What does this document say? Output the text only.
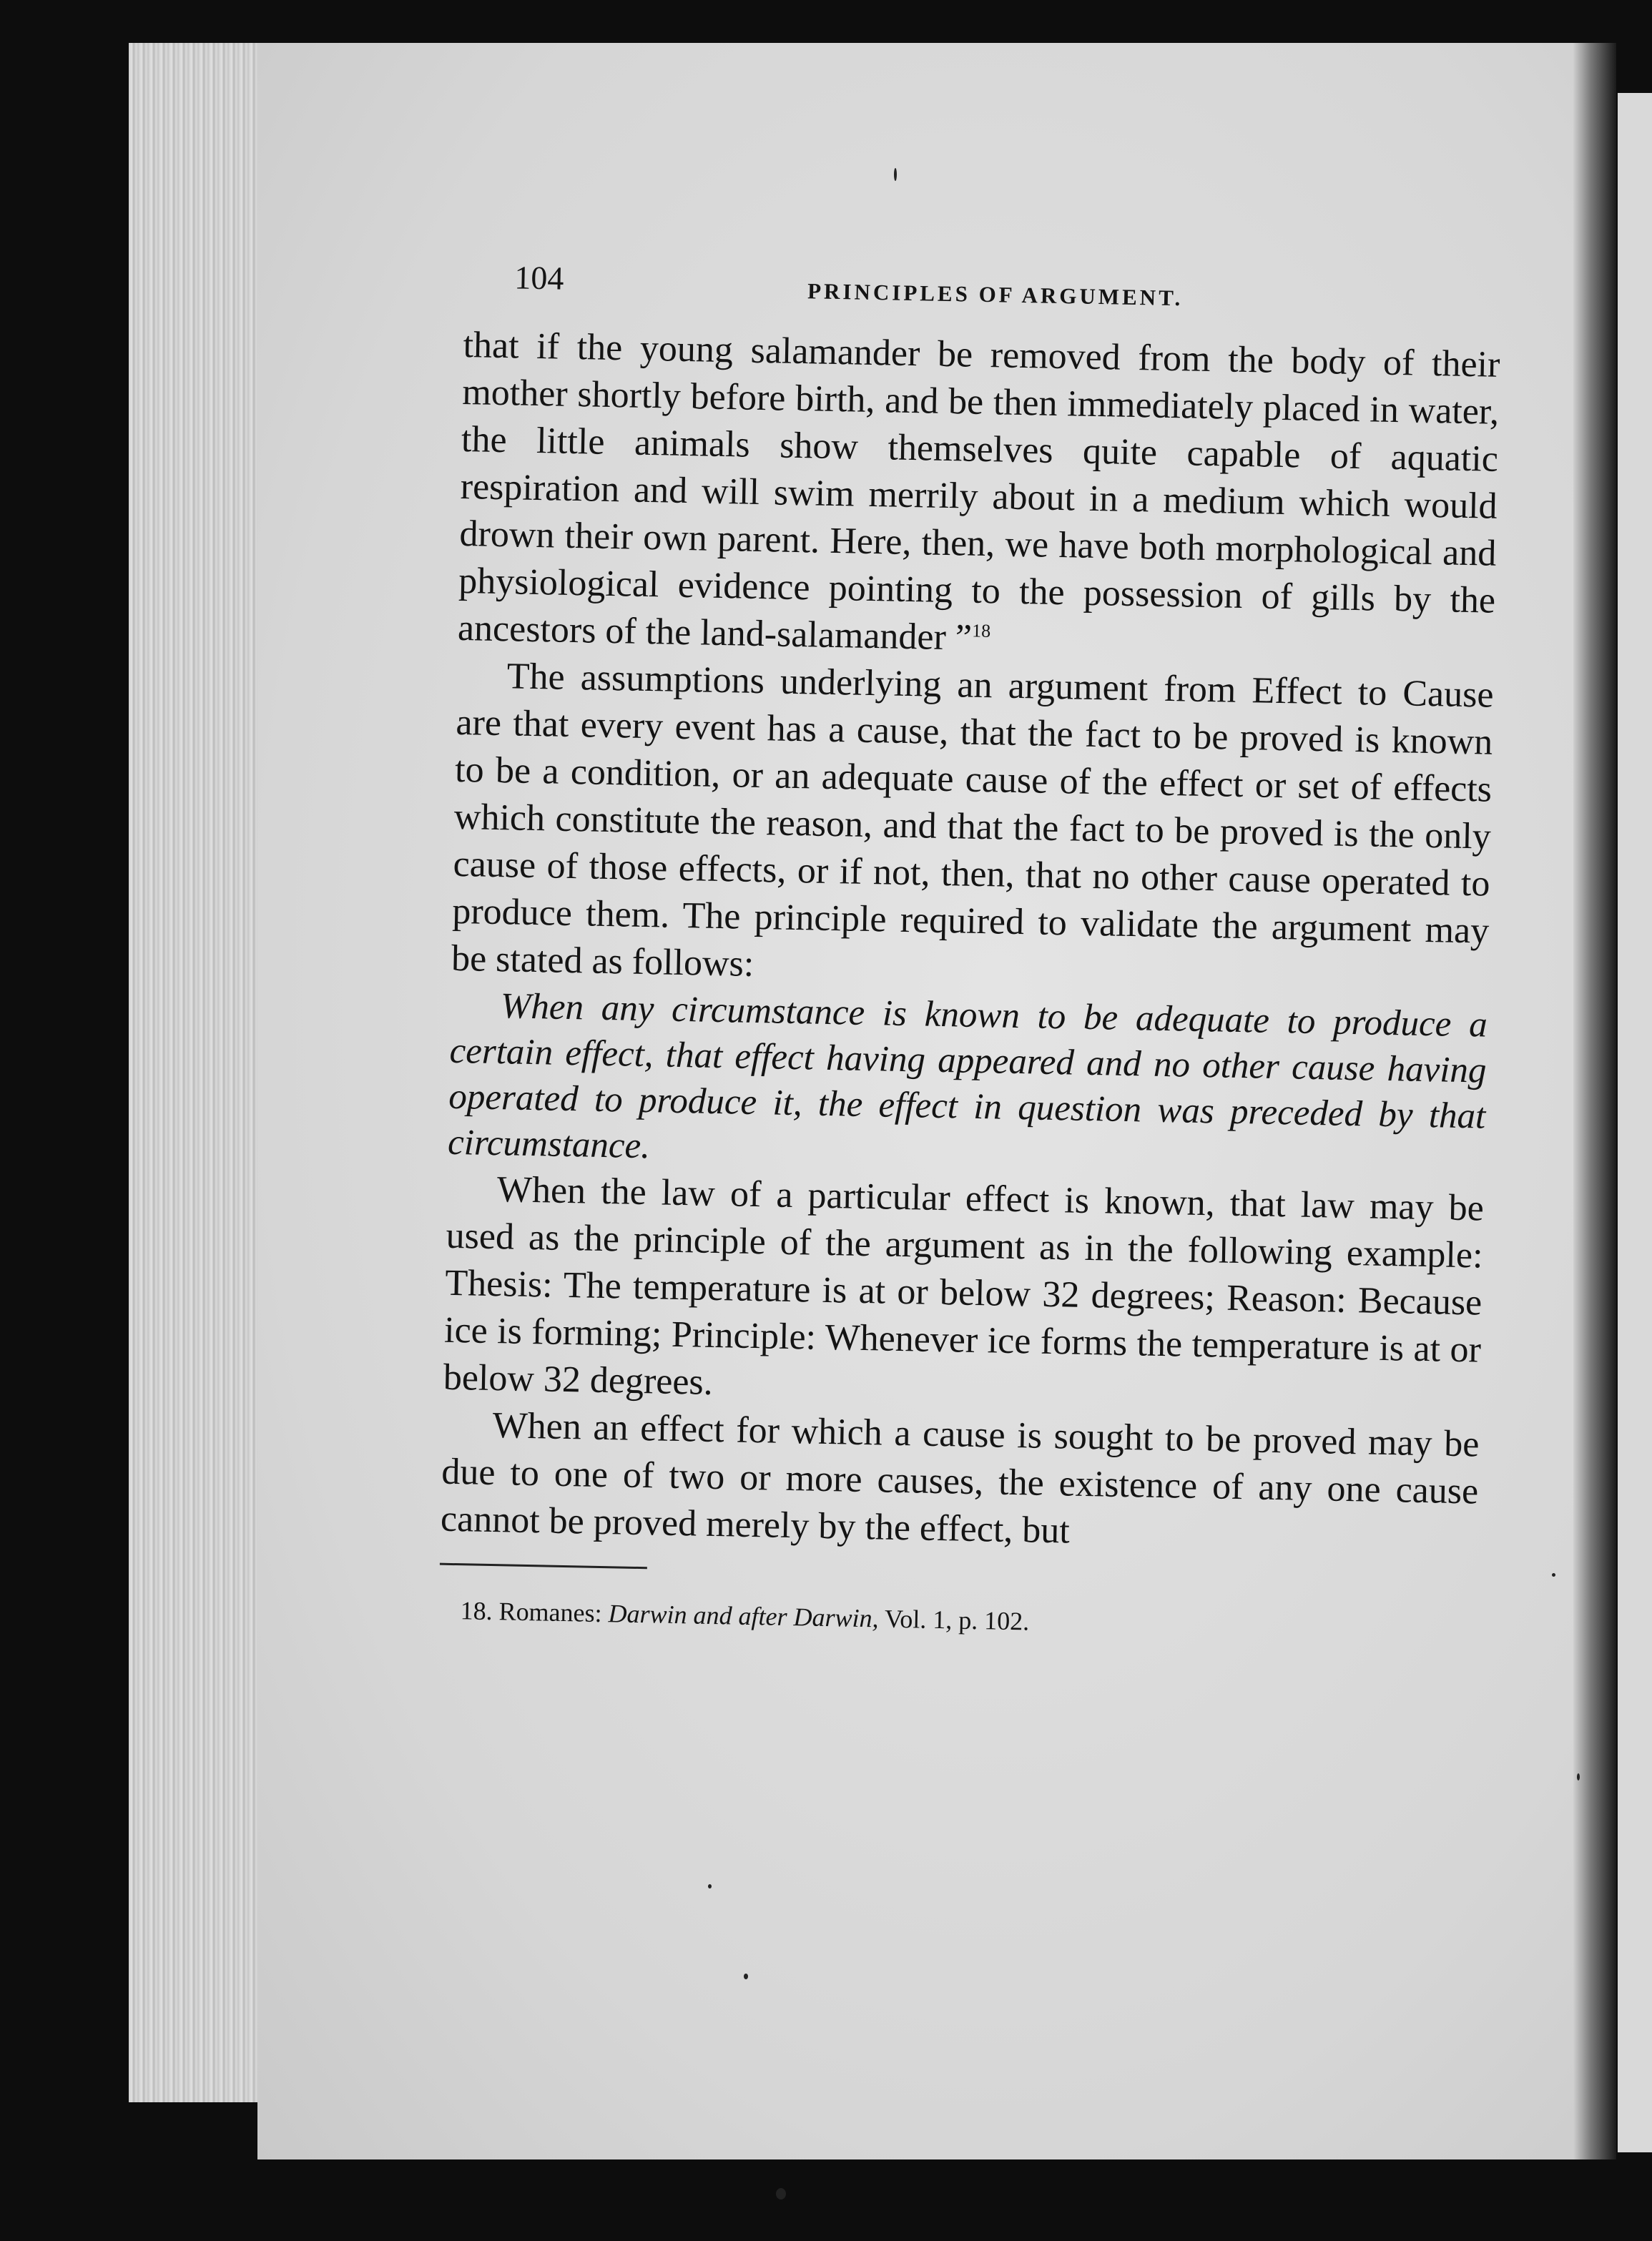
104	PRINCIPLES OF ARGUMENT.

that if the young salamander be removed from the body of their mother shortly before birth, and be then immediately placed in water, the little animals show themselves quite capable of aquatic respiration and will swim merrily about in a medium which would drown their own parent. Here, then, we have both morphological and physiological evidence pointing to the possession of gills by the ancestors of the land-salamander ”$^{18}$

The assumptions underlying an argument from Effect to Cause are that every event has a cause, that the fact to be proved is known to be a condition, or an adequate cause of the effect or set of effects which constitute the reason, and that the fact to be proved is the only cause of those effects, or if not, then, that no other cause operated to produce them. The principle required to validate the argument may be stated as follows:

When any circumstance is known to be adequate to produce a certain effect, that effect having appeared and no other cause having operated to produce it, the effect in question was preceded by that circumstance.

When the law of a particular effect is known, that law may be used as the principle of the argument as in the following example: Thesis: The temperature is at or below 32 degrees; Reason: Because ice is forming; Principle: Whenever ice forms the temperature is at or below 32 degrees.

When an effect for which a cause is sought to be proved may be due to one of two or more causes, the existence of any one cause cannot be proved merely by the effect, but

18. Romanes: Darwin and after Darwin, Vol. 1, p. 102.
